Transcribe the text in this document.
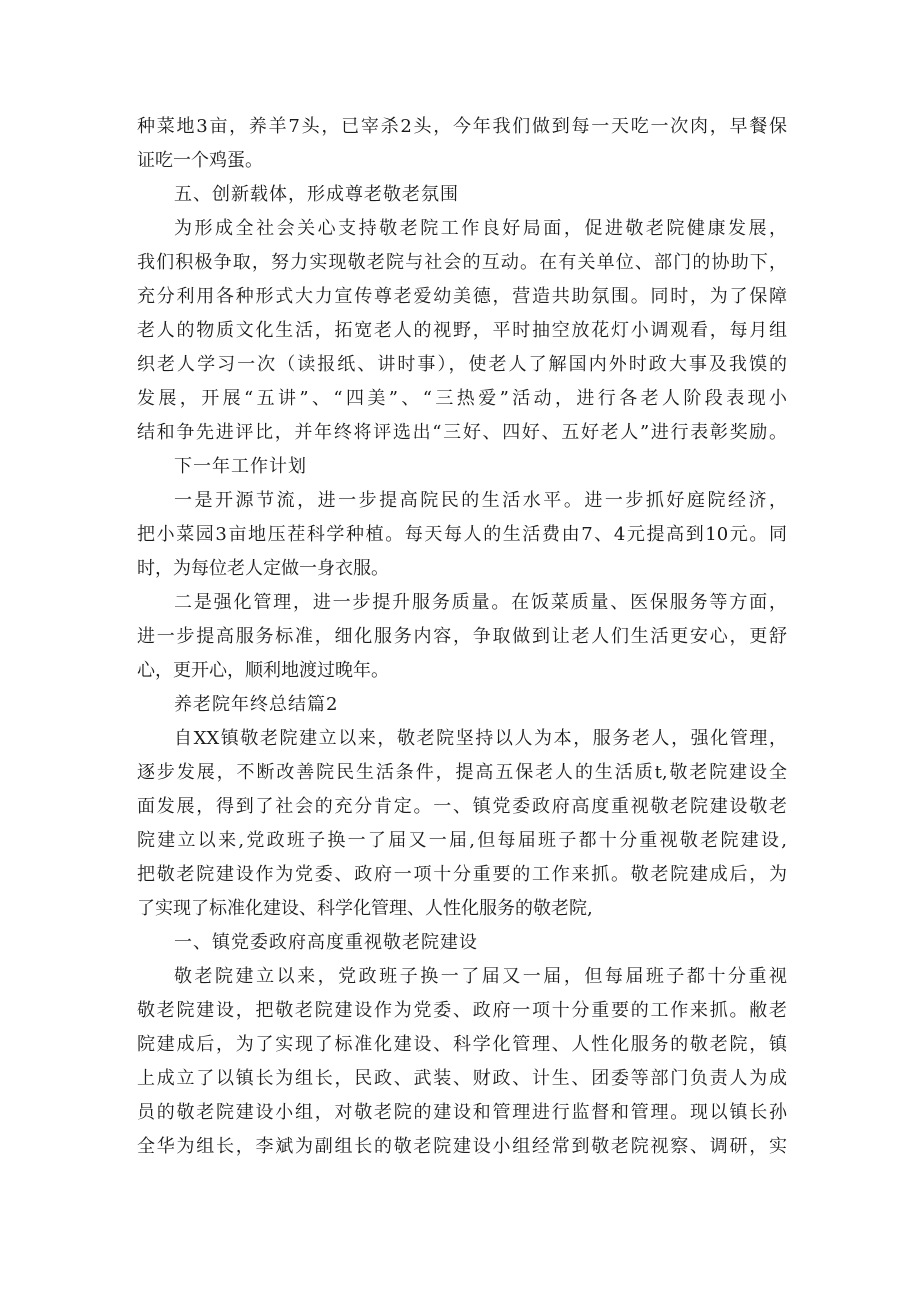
种菜地3亩，养羊7头，已宰杀2头，今年我们做到每一天吃一次肉，早餐保
证吃一个鸡蛋。
五、创新载体，形成尊老敬老氛围
为形成全社会关心支持敬老院工作良好局面，促进敬老院健康发展，
我们积极争取，努力实现敬老院与社会的互动。在有关单位、部门的协助下，
充分利用各种形式大力宣传尊老爱幼美德，营造共助氛围。同时，为了保障
老人的物质文化生活，拓宽老人的视野，平时抽空放花灯小调观看，每月组
织老人学习一次（读报纸、讲时事），使老人了解国内外时政大事及我馍的
发展，开展“五讲”、“四美”、“三热爱”活动，进行各老人阶段表现小
结和争先进评比，并年终将评选出“三好、四好、五好老人”进行表彰奖励。
下一年工作计划
一是开源节流，进一步提高院民的生活水平。进一步抓好庭院经济，
把小菜园3亩地压茬科学种植。每天每人的生活费由7、4元提高到10元。同
时，为每位老人定做一身衣服。
二是强化管理，进一步提升服务质量。在饭菜质量、医保服务等方面，
进一步提高服务标准，细化服务内容，争取做到让老人们生活更安心，更舒
心，更开心，顺利地渡过晚年。
养老院年终总结篇2
自XX镇敬老院建立以来，敬老院坚持以人为本，服务老人，强化管理，
逐步发展，不断改善院民生活条件，提高五保老人的生活质t,敬老院建设全
面发展，得到了社会的充分肯定。一、镇党委政府高度重视敬老院建设敬老
院建立以来,党政班子换一了届又一届,但每届班子都十分重视敬老院建设,
把敬老院建设作为党委、政府一项十分重要的工作来抓。敬老院建成后，为
了实现了标准化建设、科学化管理、人性化服务的敬老院,
一、镇党委政府高度重视敬老院建设
敬老院建立以来，党政班子换一了届又一届，但每届班子都十分重视
敬老院建设，把敬老院建设作为党委、政府一项十分重要的工作来抓。敝老
院建成后，为了实现了标准化建设、科学化管理、人性化服务的敬老院，镇
上成立了以镇长为组长，民政、武装、财政、计生、团委等部门负责人为成
员的敬老院建设小组，对敬老院的建设和管理进行监督和管理。现以镇长孙
全华为组长，李斌为副组长的敬老院建设小组经常到敬老院视察、调研，实
